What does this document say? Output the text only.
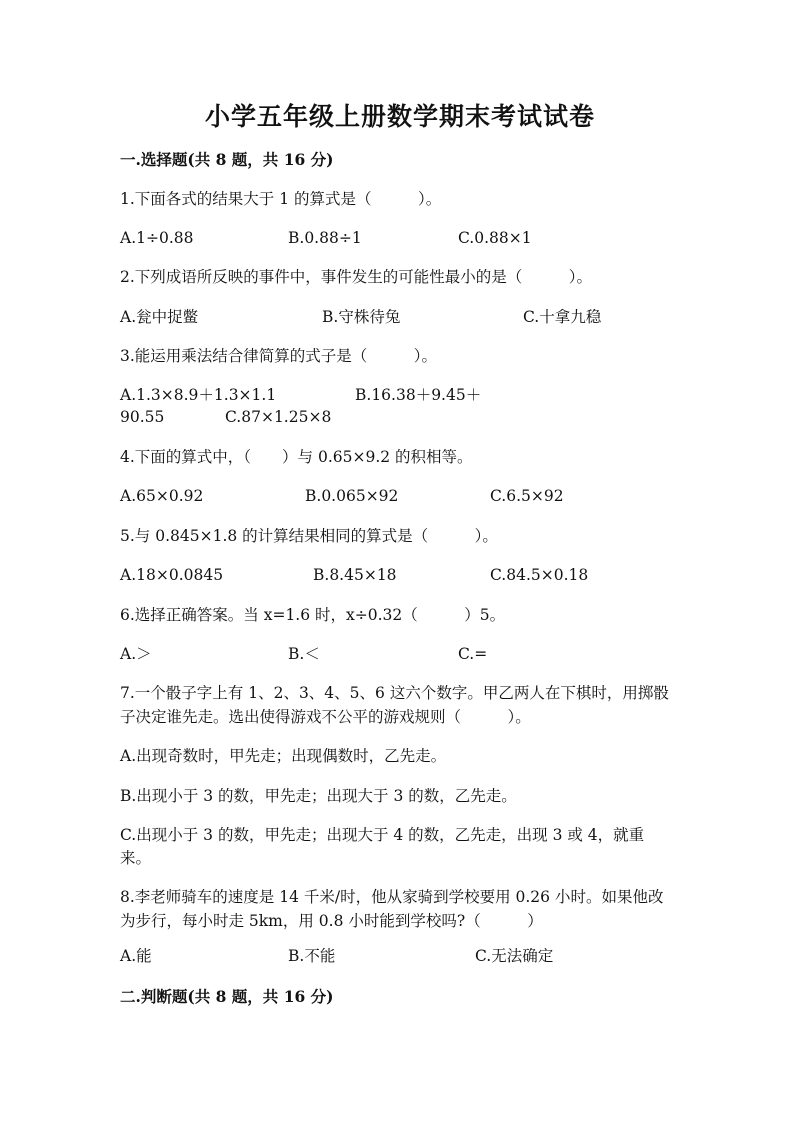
小学五年级上册数学期末考试试卷
一.选择题(共 8 题，共 16 分)
1.下面各式的结果大于 1 的算式是（　　　）。
A.1÷0.88	B.0.88÷1	C.0.88×1
2.下列成语所反映的事件中，事件发生的可能性最小的是（　　　）。
A.瓮中捉鳖	B.守株待兔	C.十拿九稳
3.能运用乘法结合律简算的式子是（　　　）。
A.1.3×8.9＋1.3×1.1	B.16.38＋9.45＋
90.55	C.87×1.25×8
4.下面的算式中，（　　）与 0.65×9.2 的积相等。
A.65×0.92	B.0.065×92	C.6.5×92
5.与 0.845×1.8 的计算结果相同的算式是（　　　）。
A.18×0.0845	B.8.45×18	C.84.5×0.18
6.选择正确答案。当 x=1.6 时，x÷0.32（　　　）5。
A.＞	B.＜	C.=
7.一个骰子字上有 1、2、3、4、5、6 这六个数字。甲乙两人在下棋时，用掷骰
子决定谁先走。选出使得游戏不公平的游戏规则（　　　）。
A.出现奇数时，甲先走；出现偶数时，乙先走。
B.出现小于 3 的数，甲先走；出现大于 3 的数，乙先走。
C.出现小于 3 的数，甲先走；出现大于 4 的数，乙先走，出现 3 或 4，就重
来。
8.李老师骑车的速度是 14 千米/时，他从家骑到学校要用 0.26 小时。如果他改
为步行，每小时走 5km，用 0.8 小时能到学校吗?（　　　）
A.能	B.不能	C.无法确定
二.判断题(共 8 题，共 16 分)
